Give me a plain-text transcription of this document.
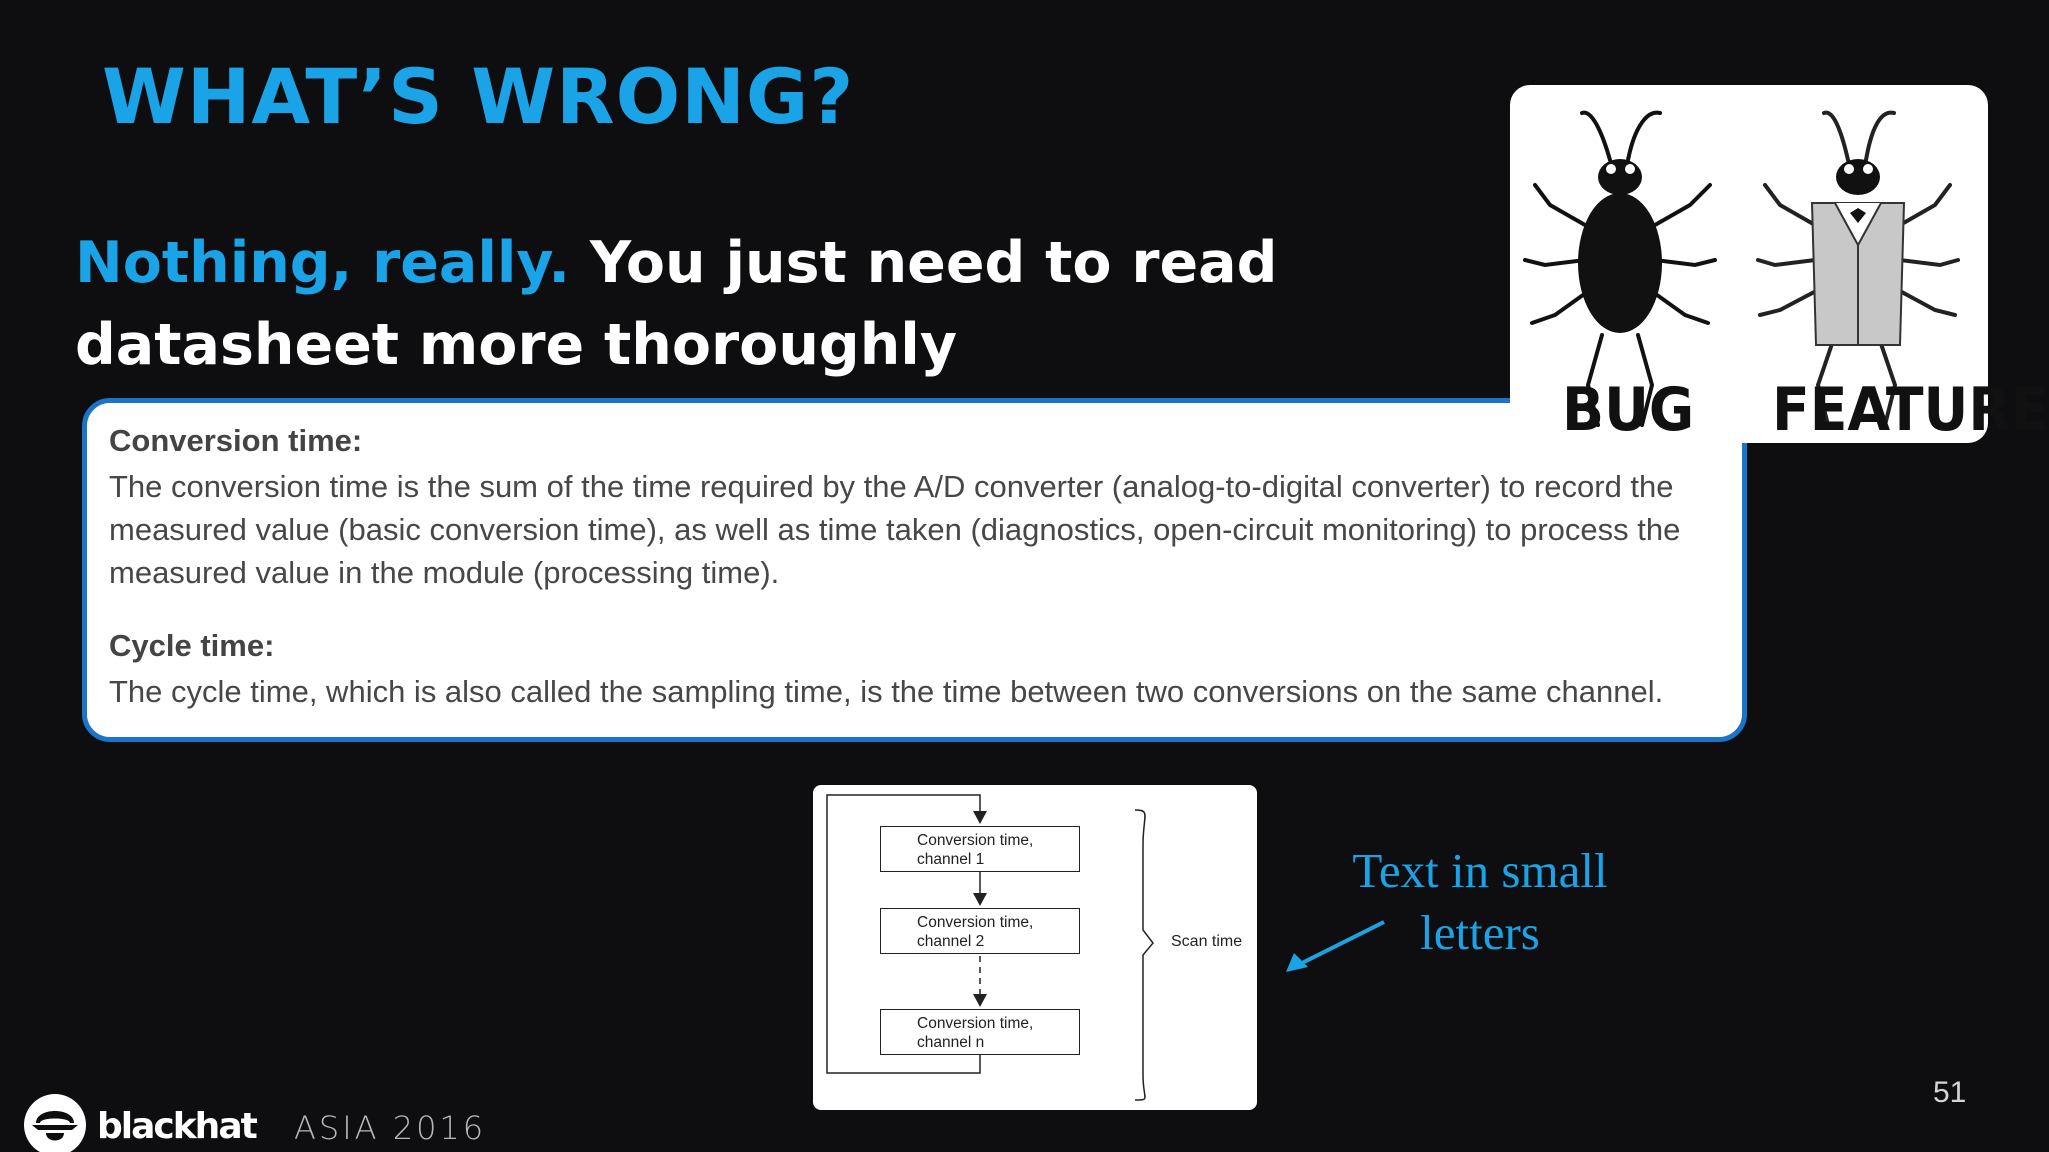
WHAT’S WRONG?

Nothing, really. You just need to read datasheet more thoroughly

Conversion time:

The conversion time is the sum of the time required by the A/D converter (analog-to-digital converter) to record the measured value (basic conversion time), as well as time taken (diagnostics, open-circuit monitoring) to process the measured value in the module (processing time).

Cycle time:

The cycle time, which is also called the sampling time, is the time between two conversions on the same channel.

BUG FEATURE

Conversion time,
channel 1
Conversion time,
channel 2
Conversion time,
channel n

Scan time

Text in small
letters

51

blackhat ASIA 2016
